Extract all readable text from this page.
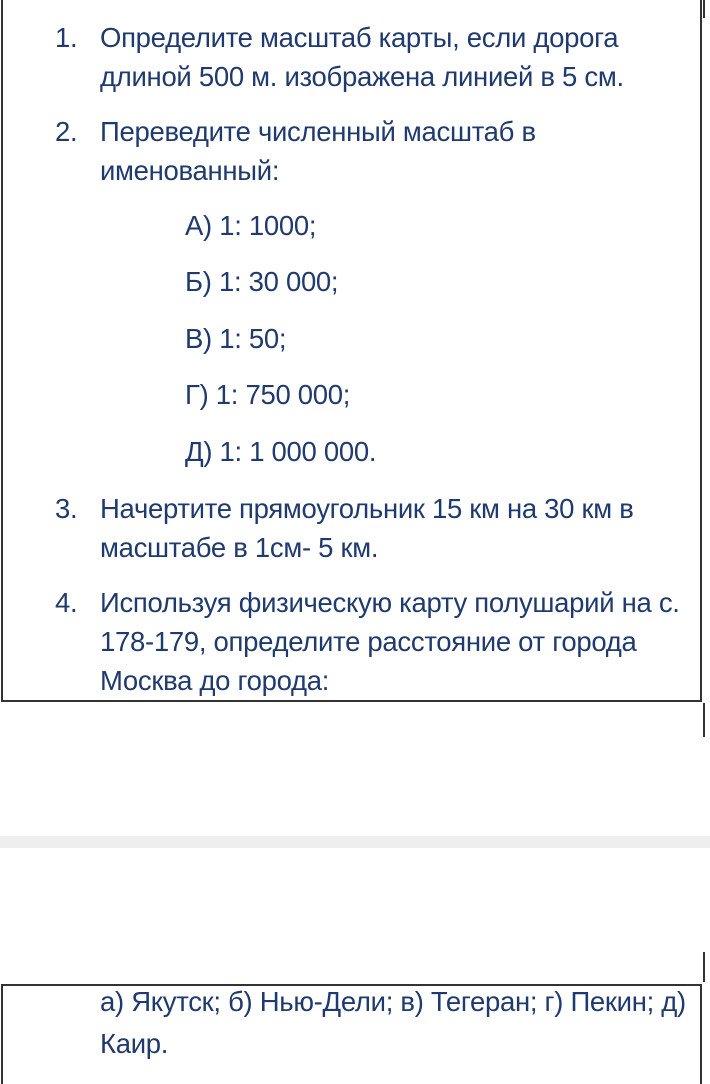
1. Определите масштаб карты, если дорога длиной 500 м. изображена линией в 5 см.
2. Переведите численный масштаб в именованный:
А) 1: 1000;
Б) 1: 30 000;
В) 1: 50;
Г) 1: 750 000;
Д) 1: 1 000 000.
3. Начертите прямоугольник 15 км на 30 км в масштабе в 1см- 5 км.
4. Используя физическую карту полушарий на с. 178-179, определите расстояние от города Москва до города:
а) Якутск; б) Нью-Дели; в) Тегеран; г) Пекин; д) Каир.
